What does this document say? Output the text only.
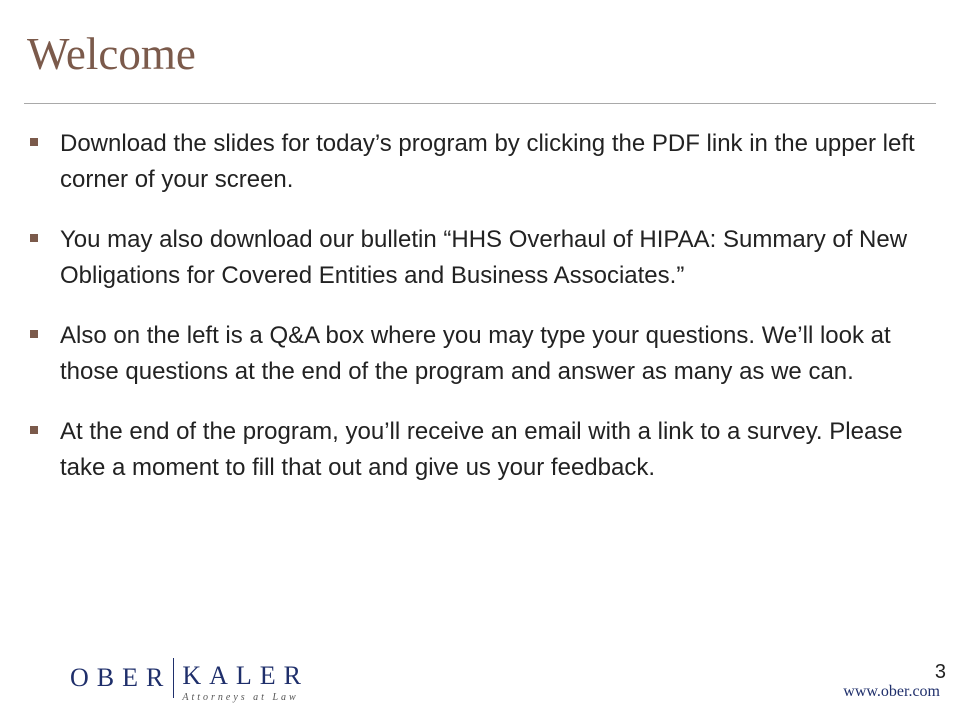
Welcome
Download the slides for today’s program by clicking the PDF link in the upper left corner of your screen.
You may also download our bulletin “HHS Overhaul of HIPAA: Summary of New Obligations for Covered Entities and Business Associates.”
Also on the left is a Q&A box where you may type your questions. We’ll look at those questions at the end of the program and answer as many as we can.
At the end of the program, you’ll receive an email with a link to a survey. Please take a moment to fill that out and give us your feedback.
OBER KALER
Attorneys at Law
3
www.ober.com
